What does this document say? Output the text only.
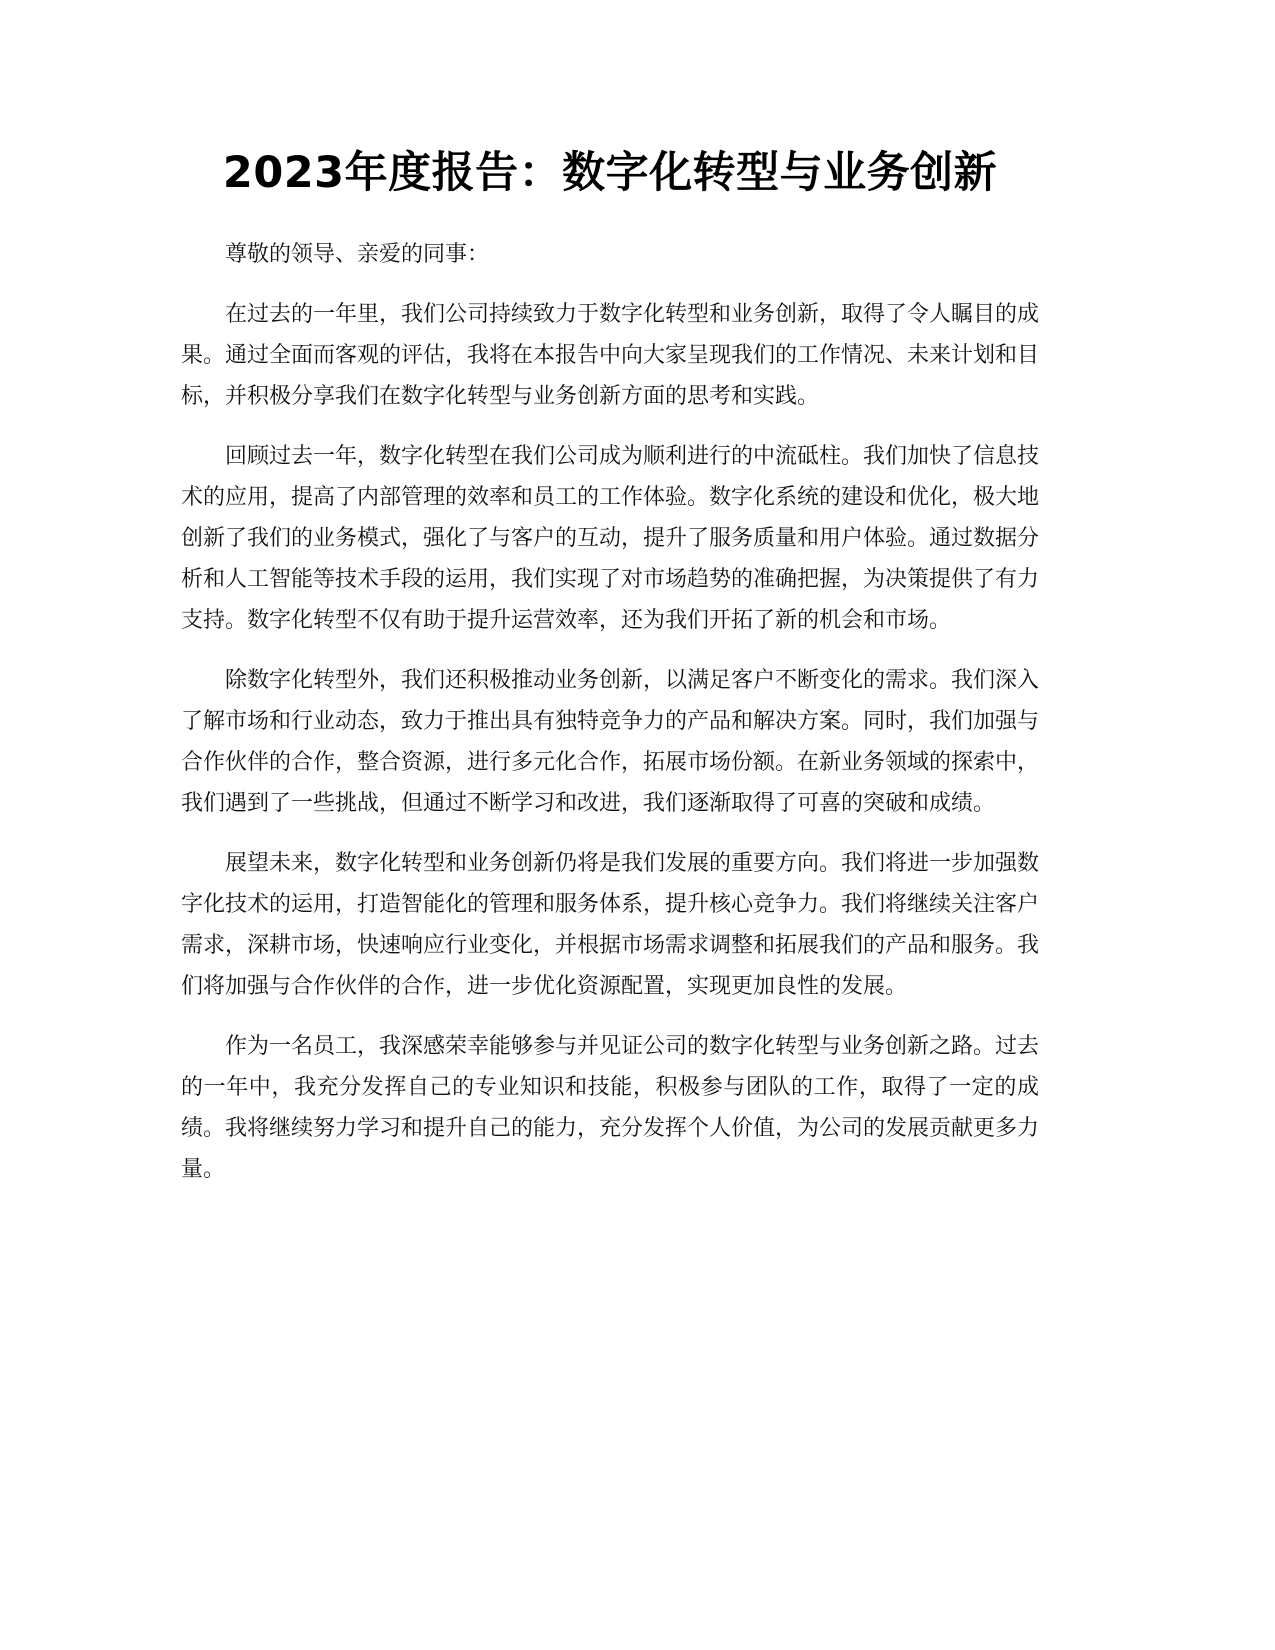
2023年度报告：数字化转型与业务创新

尊敬的领导、亲爱的同事：

在过去的一年里，我们公司持续致力于数字化转型和业务创新，取得了令人瞩目的成果。通过全面而客观的评估，我将在本报告中向大家呈现我们的工作情况、未来计划和目标，并积极分享我们在数字化转型与业务创新方面的思考和实践。

回顾过去一年，数字化转型在我们公司成为顺利进行的中流砥柱。我们加快了信息技术的应用，提高了内部管理的效率和员工的工作体验。数字化系统的建设和优化，极大地创新了我们的业务模式，强化了与客户的互动，提升了服务质量和用户体验。通过数据分析和人工智能等技术手段的运用，我们实现了对市场趋势的准确把握，为决策提供了有力支持。数字化转型不仅有助于提升运营效率，还为我们开拓了新的机会和市场。

除数字化转型外，我们还积极推动业务创新，以满足客户不断变化的需求。我们深入了解市场和行业动态，致力于推出具有独特竞争力的产品和解决方案。同时，我们加强与合作伙伴的合作，整合资源，进行多元化合作，拓展市场份额。在新业务领域的探索中，我们遇到了一些挑战，但通过不断学习和改进，我们逐渐取得了可喜的突破和成绩。

展望未来，数字化转型和业务创新仍将是我们发展的重要方向。我们将进一步加强数字化技术的运用，打造智能化的管理和服务体系，提升核心竞争力。我们将继续关注客户需求，深耕市场，快速响应行业变化，并根据市场需求调整和拓展我们的产品和服务。我们将加强与合作伙伴的合作，进一步优化资源配置，实现更加良性的发展。

作为一名员工，我深感荣幸能够参与并见证公司的数字化转型与业务创新之路。过去的一年中，我充分发挥自己的专业知识和技能，积极参与团队的工作，取得了一定的成绩。我将继续努力学习和提升自己的能力，充分发挥个人价值，为公司的发展贡献更多力量。
